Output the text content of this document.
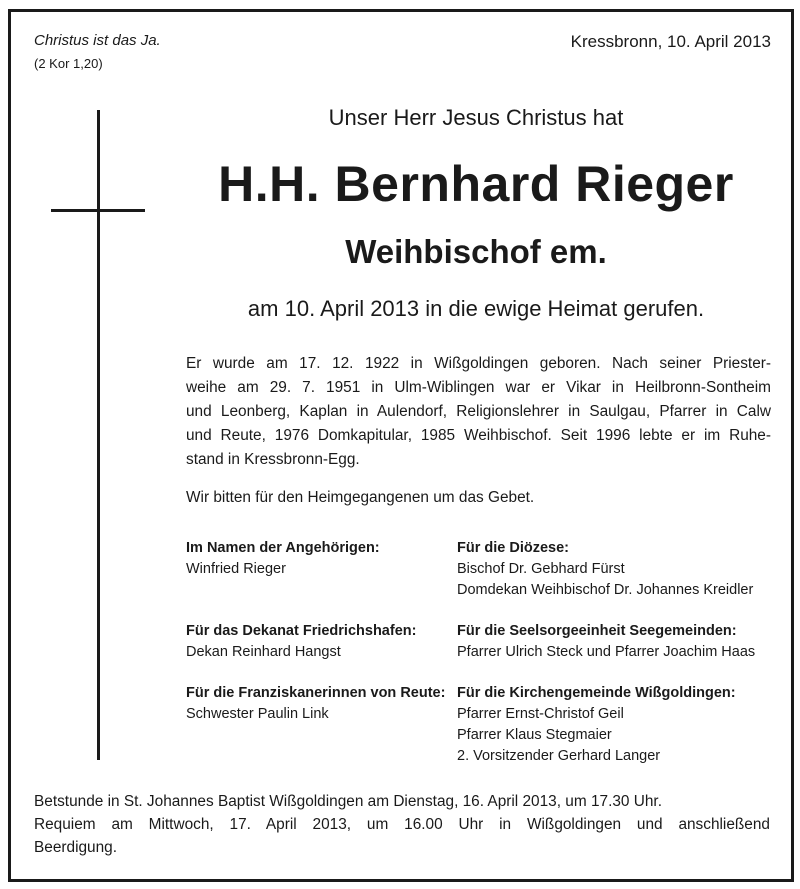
Christus ist das Ja.
(2 Kor 1,20)
Kressbronn, 10. April 2013
Unser Herr Jesus Christus hat
H.H. Bernhard Rieger
Weihbischof em.
am 10. April 2013 in die ewige Heimat gerufen.
Er wurde am 17. 12. 1922 in Wißgoldingen geboren. Nach seiner Priester-
weihe am 29. 7. 1951 in Ulm-Wiblingen war er Vikar in Heilbronn-Sontheim
und Leonberg, Kaplan in Aulendorf, Religionslehrer in Saulgau, Pfarrer in Calw
und Reute, 1976 Domkapitular, 1985 Weihbischof. Seit 1996 lebte er im Ruhe-
stand in Kressbronn-Egg.
Wir bitten für den Heimgegangenen um das Gebet.
Im Namen der Angehörigen:
Winfried Rieger
Für die Diözese:
Bischof Dr. Gebhard Fürst
Domdekan Weihbischof Dr. Johannes Kreidler
Für das Dekanat Friedrichshafen:
Dekan Reinhard Hangst
Für die Seelsorgeeinheit Seegemeinden:
Pfarrer Ulrich Steck und Pfarrer Joachim Haas
Für die Franziskanerinnen von Reute:
Schwester Paulin Link
Für die Kirchengemeinde Wißgoldingen:
Pfarrer Ernst-Christof Geil
Pfarrer Klaus Stegmaier
2. Vorsitzender Gerhard Langer
Betstunde in St. Johannes Baptist Wißgoldingen am Dienstag, 16. April 2013, um 17.30 Uhr.
Requiem am Mittwoch, 17. April 2013, um 16.00 Uhr in Wißgoldingen und anschließend
Beerdigung.
